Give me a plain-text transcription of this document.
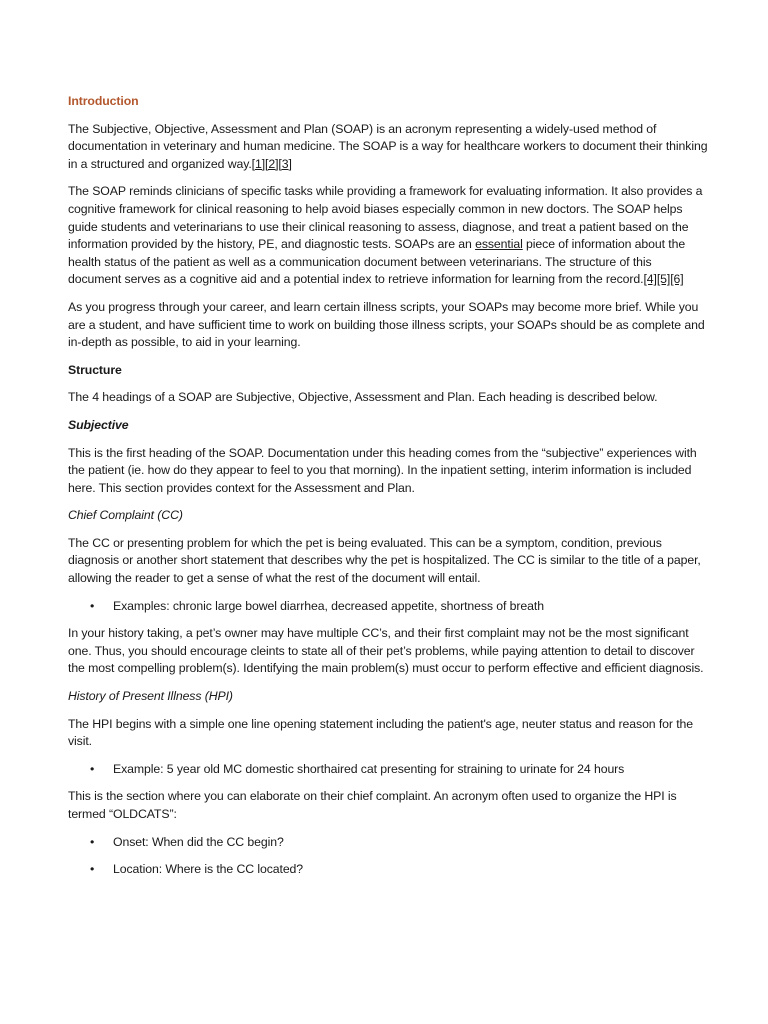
Introduction

The Subjective, Objective, Assessment and Plan (SOAP) is an acronym representing a widely-used method of documentation in veterinary and human medicine. The SOAP is a way for healthcare workers to document their thinking in a structured and organized way.[1][2][3]

The SOAP reminds clinicians of specific tasks while providing a framework for evaluating information. It also provides a cognitive framework for clinical reasoning to help avoid biases especially common in new doctors. The SOAP helps guide students and veterinarians to use their clinical reasoning to assess, diagnose, and treat a patient based on the information provided by the history, PE, and diagnostic tests. SOAPs are an essential piece of information about the health status of the patient as well as a communication document between veterinarians. The structure of this document serves as a cognitive aid and a potential index to retrieve information for learning from the record.[4][5][6]

As you progress through your career, and learn certain illness scripts, your SOAPs may become more brief. While you are a student, and have sufficient time to work on building those illness scripts, your SOAPs should be as complete and in-depth as possible, to aid in your learning.

Structure

The 4 headings of a SOAP are Subjective, Objective, Assessment and Plan. Each heading is described below.

Subjective

This is the first heading of the SOAP. Documentation under this heading comes from the “subjective” experiences with the patient (ie. how do they appear to feel to you that morning). In the inpatient setting, interim information is included here. This section provides context for the Assessment and Plan.

Chief Complaint (CC)

The CC or presenting problem for which the pet is being evaluated. This can be a symptom, condition, previous diagnosis or another short statement that describes why the pet is hospitalized. The CC is similar to the title of a paper, allowing the reader to get a sense of what the rest of the document will entail.

• Examples: chronic large bowel diarrhea, decreased appetite, shortness of breath

In your history taking, a pet’s owner may have multiple CC’s, and their first complaint may not be the most significant one. Thus, you should encourage cleints to state all of their pet’s problems, while paying attention to detail to discover the most compelling problem(s). Identifying the main problem(s) must occur to perform effective and efficient diagnosis.

History of Present Illness (HPI)

The HPI begins with a simple one line opening statement including the patient's age, neuter status and reason for the visit.

• Example: 5 year old MC domestic shorthaired cat presenting for straining to urinate for 24 hours

This is the section where you can elaborate on their chief complaint. An acronym often used to organize the HPI is termed “OLDCATS”:

• Onset: When did the CC begin?
• Location: Where is the CC located?
